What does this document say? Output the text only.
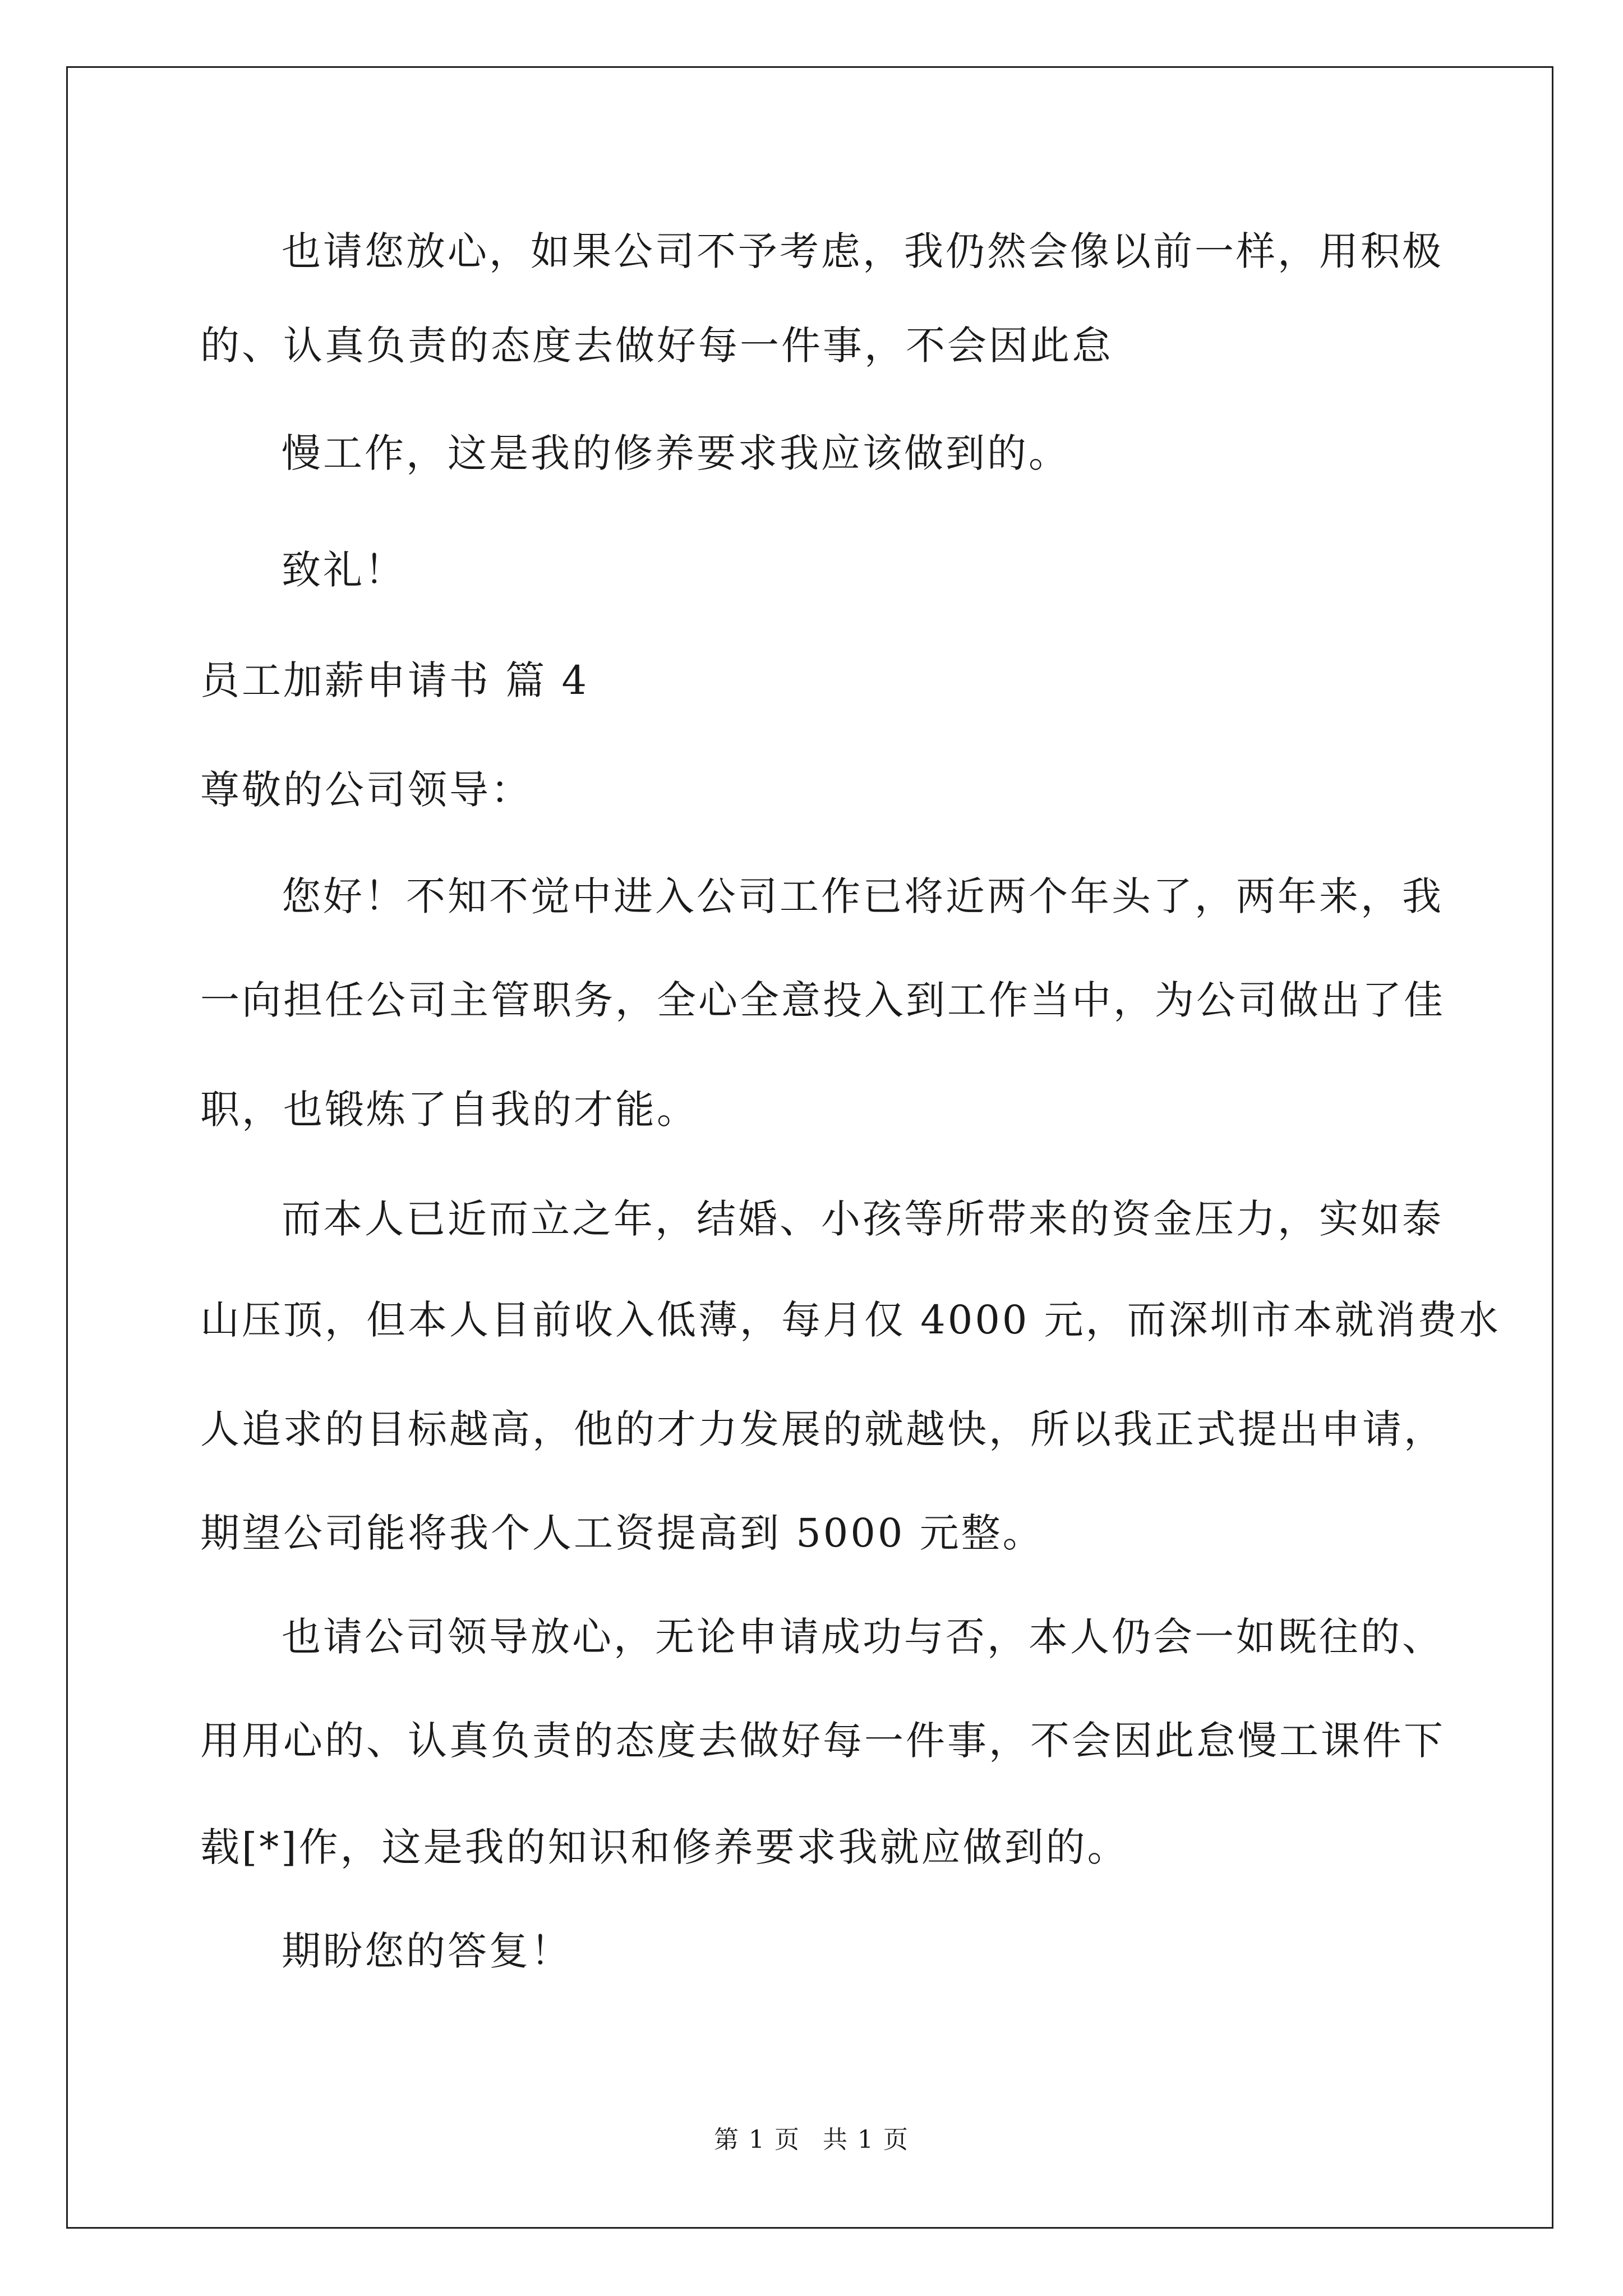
也请您放心，如果公司不予考虑，我仍然会像以前一样，用积极
的、认真负责的态度去做好每一件事，不会因此怠
慢工作，这是我的修养要求我应该做到的。
致礼！
员工加薪申请书 篇 4
尊敬的公司领导：
您好！不知不觉中进入公司工作已将近两个年头了，两年来，我
一向担任公司主管职务，全心全意投入到工作当中，为公司做出了佳
职，也锻炼了自我的才能。
而本人已近而立之年，结婚、小孩等所带来的资金压力，实如泰
山压顶，但本人目前收入低薄，每月仅 4000 元，而深圳市本就消费水
人追求的目标越高，他的才力发展的就越快，所以我正式提出申请，
期望公司能将我个人工资提高到 5000 元整。
也请公司领导放心，无论申请成功与否，本人仍会一如既往的、
用用心的、认真负责的态度去做好每一件事，不会因此怠慢工课件下
载[*]作，这是我的知识和修养要求我就应做到的。
期盼您的答复！
第 1 页 共 1 页
